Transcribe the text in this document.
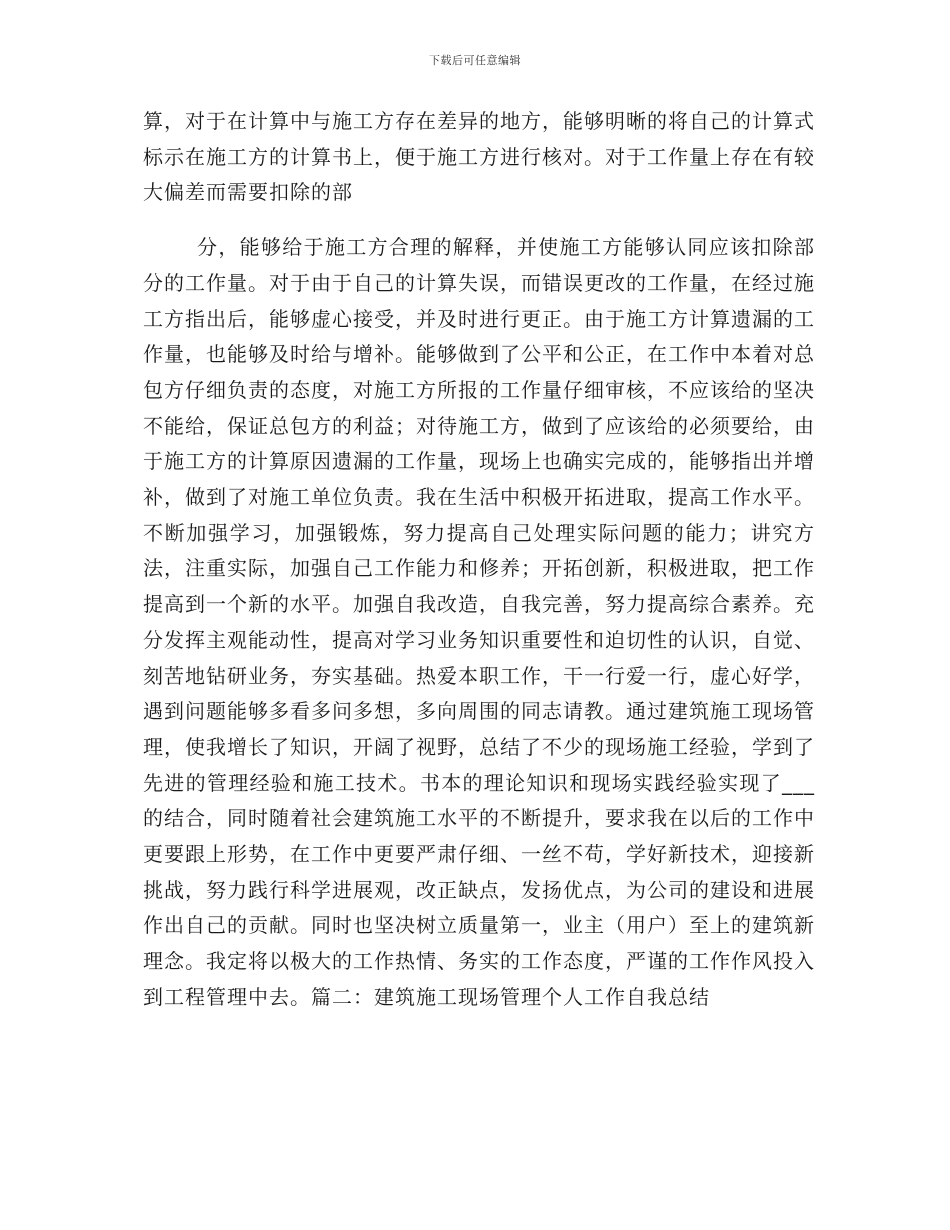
下载后可任意编辑

算，对于在计算中与施工方存在差异的地方，能够明晰的将自己的计算式标示在施工方的计算书上，便于施工方进行核对。对于工作量上存在有较大偏差而需要扣除的部

分，能够给于施工方合理的解释，并使施工方能够认同应该扣除部分的工作量。对于由于自己的计算失误，而错误更改的工作量，在经过施工方指出后，能够虚心接受，并及时进行更正。由于施工方计算遗漏的工作量，也能够及时给与增补。能够做到了公平和公正，在工作中本着对总包方仔细负责的态度，对施工方所报的工作量仔细审核，不应该给的坚决不能给，保证总包方的利益；对待施工方，做到了应该给的必须要给，由于施工方的计算原因遗漏的工作量，现场上也确实完成的，能够指出并增补，做到了对施工单位负责。我在生活中积极开拓进取，提高工作水平。不断加强学习，加强锻炼，努力提高自己处理实际问题的能力；讲究方法，注重实际，加强自己工作能力和修养；开拓创新，积极进取，把工作提高到一个新的水平。加强自我改造，自我完善，努力提高综合素养。充分发挥主观能动性，提高对学习业务知识重要性和迫切性的认识，自觉、刻苦地钻研业务，夯实基础。热爱本职工作，干一行爱一行，虚心好学，遇到问题能够多看多问多想，多向周围的同志请教。通过建筑施工现场管理，使我增长了知识，开阔了视野，总结了不少的现场施工经验，学到了先进的管理经验和施工技术。书本的理论知识和现场实践经验实现了___的结合，同时随着社会建筑施工水平的不断提升，要求我在以后的工作中更要跟上形势，在工作中更要严肃仔细、一丝不苟，学好新技术，迎接新挑战，努力践行科学进展观，改正缺点，发扬优点，为公司的建设和进展作出自己的贡献。同时也坚决树立质量第一，业主（用户）至上的建筑新理念。我定将以极大的工作热情、务实的工作态度，严谨的工作作风投入到工程管理中去。篇二：建筑施工现场管理个人工作自我总结
